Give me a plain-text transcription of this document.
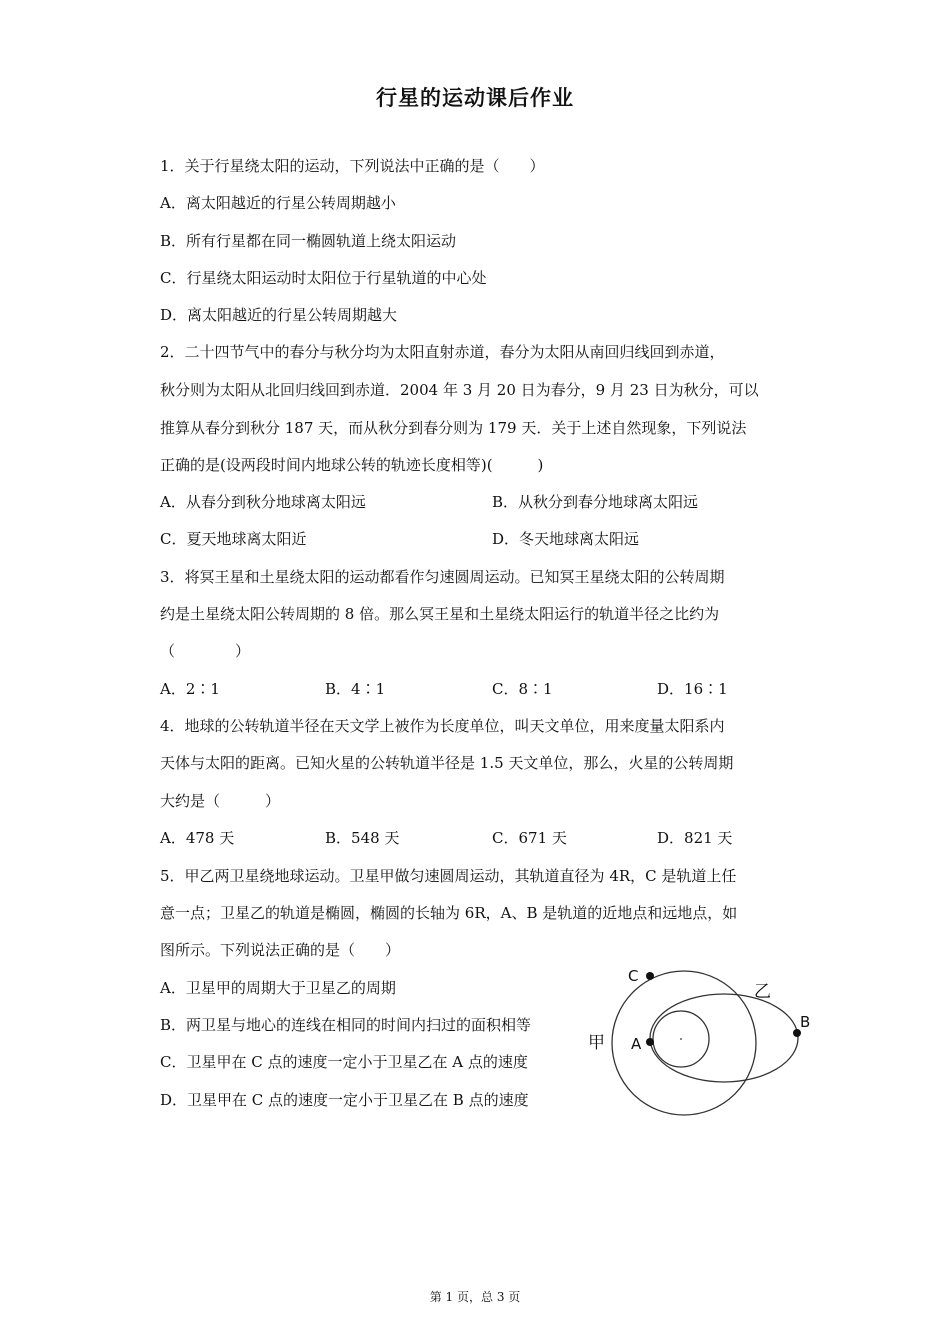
行星的运动课后作业
1．关于行星绕太阳的运动，下列说法中正确的是（　　）
A．离太阳越近的行星公转周期越小
B．所有行星都在同一椭圆轨道上绕太阳运动
C．行星绕太阳运动时太阳位于行星轨道的中心处
D．离太阳越近的行星公转周期越大
2．二十四节气中的春分与秋分均为太阳直射赤道，春分为太阳从南回归线回到赤道，
秋分则为太阳从北回归线回到赤道．2004 年 3 月 20 日为春分，9 月 23 日为秋分，可以
推算从春分到秋分 187 天，而从秋分到春分则为 179 天．关于上述自然现象，下列说法
正确的是(设两段时间内地球公转的轨迹长度相等)(　　　)
A．从春分到秋分地球离太阳远	B．从秋分到春分地球离太阳远
C．夏天地球离太阳近	D．冬天地球离太阳远
3．将冥王星和土星绕太阳的运动都看作匀速圆周运动。已知冥王星绕太阳的公转周期
约是土星绕太阳公转周期的 8 倍。那么冥王星和土星绕太阳运行的轨道半径之比约为
（　　　　）
A．2∶1	B．4∶1	C．8∶1	D．16∶1
4．地球的公转轨道半径在天文学上被作为长度单位，叫天文单位，用来度量太阳系内
天体与太阳的距离。已知火星的公转轨道半径是 1.5 天文单位，那么，火星的公转周期
大约是（　　　）
A．478 天	B．548 天	C．671 天	D．821 天
5．甲乙两卫星绕地球运动。卫星甲做匀速圆周运动，其轨道直径为 4R，C 是轨道上任
意一点；卫星乙的轨道是椭圆，椭圆的长轴为 6R，A、B 是轨道的近地点和远地点，如
图所示。下列说法正确的是（　　）
A．卫星甲的周期大于卫星乙的周期
B．两卫星与地心的连线在相同的时间内扫过的面积相等
C．卫星甲在 C 点的速度一定小于卫星乙在 A 点的速度
D．卫星甲在 C 点的速度一定小于卫星乙在 B 点的速度
C
A
B
甲
乙
第 1 页，总 3 页
